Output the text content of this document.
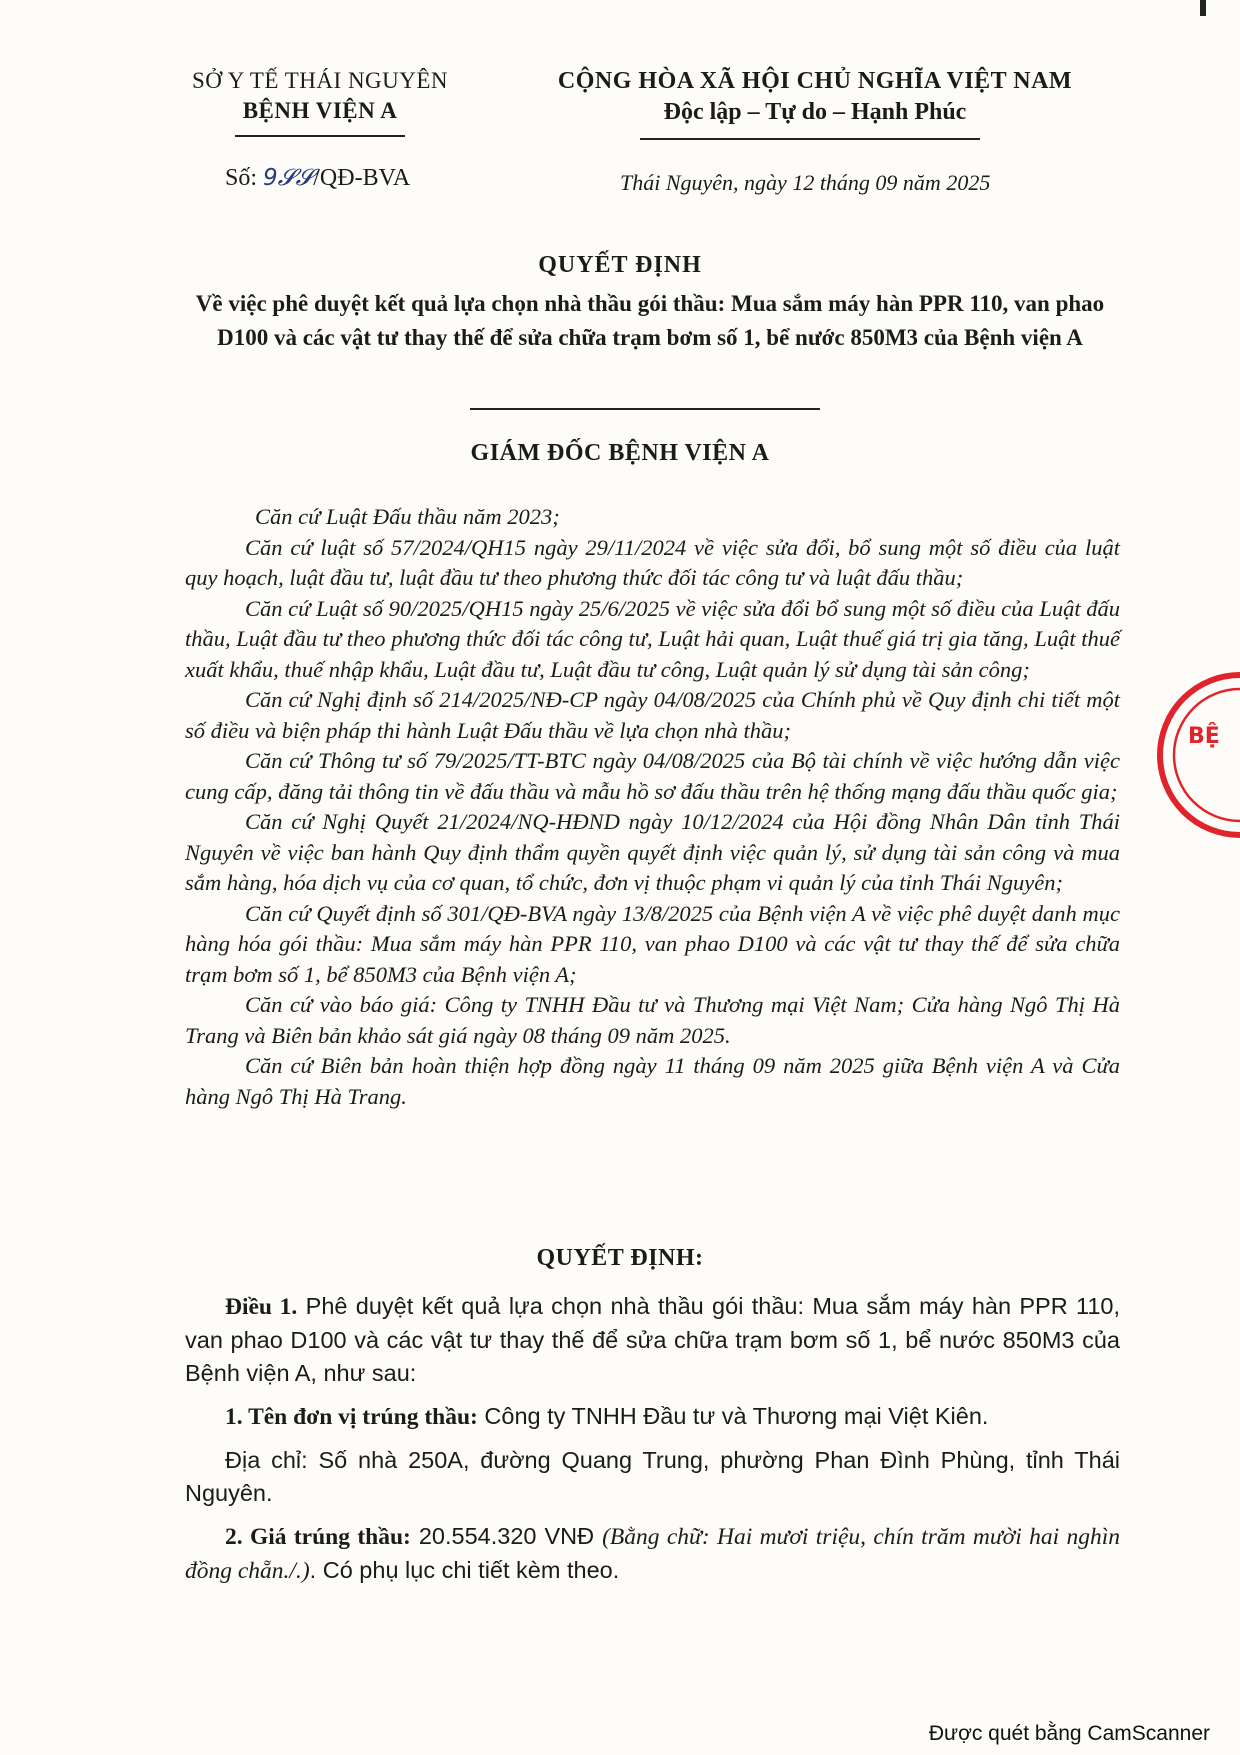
SỞ Y TẾ THÁI NGUYÊN
BỆNH VIỆN A
CỘNG HÒA XÃ HỘI CHỦ NGHĨA VIỆT NAM
Độc lập – Tự do – Hạnh Phúc
Số: 9𝓢𝓢/QĐ-BVA	Thái Nguyên, ngày 12 tháng 09 năm 2025
QUYẾT ĐỊNH
Về việc phê duyệt kết quả lựa chọn nhà thầu gói thầu: Mua sắm máy hàn PPR 110, van phao D100 và các vật tư thay thế để sửa chữa trạm bơm số 1, bể nước 850M3 của Bệnh viện A
GIÁM ĐỐC BỆNH VIỆN A

Căn cứ Luật Đấu thầu năm 2023;

Căn cứ luật số 57/2024/QH15 ngày 29/11/2024 về việc sửa đổi, bổ sung một số điều của luật quy hoạch, luật đầu tư, luật đầu tư theo phương thức đối tác công tư và luật đấu thầu;

Căn cứ Luật số 90/2025/QH15 ngày 25/6/2025 về việc sửa đổi bổ sung một số điều của Luật đấu thầu, Luật đầu tư theo phương thức đối tác công tư, Luật hải quan, Luật thuế giá trị gia tăng, Luật thuế xuất khẩu, thuế nhập khẩu, Luật đầu tư, Luật đầu tư công, Luật quản lý sử dụng tài sản công;

Căn cứ Nghị định số 214/2025/NĐ-CP ngày 04/08/2025 của Chính phủ về Quy định chi tiết một số điều và biện pháp thi hành Luật Đấu thầu về lựa chọn nhà thầu;

Căn cứ Thông tư số 79/2025/TT-BTC ngày 04/08/2025 của Bộ tài chính về việc hướng dẫn việc cung cấp, đăng tải thông tin về đấu thầu và mẫu hồ sơ đấu thầu trên hệ thống mạng đấu thầu quốc gia;

Căn cứ Nghị Quyết 21/2024/NQ-HĐND ngày 10/12/2024 của Hội đồng Nhân Dân tỉnh Thái Nguyên về việc ban hành Quy định thẩm quyền quyết định việc quản lý, sử dụng tài sản công và mua sắm hàng, hóa dịch vụ của cơ quan, tổ chức, đơn vị thuộc phạm vi quản lý của tỉnh Thái Nguyên;

Căn cứ Quyết định số 301/QĐ-BVA ngày 13/8/2025 của Bệnh viện A về việc phê duyệt danh mục hàng hóa gói thầu: Mua sắm máy hàn PPR 110, van phao D100 và các vật tư thay thế để sửa chữa trạm bơm số 1, bể 850M3 của Bệnh viện A;

Căn cứ vào báo giá: Công ty TNHH Đầu tư và Thương mại Việt Nam; Cửa hàng Ngô Thị Hà Trang và Biên bản khảo sát giá ngày 08 tháng 09 năm 2025.

Căn cứ Biên bản hoàn thiện hợp đồng ngày 11 tháng 09 năm 2025 giữa Bệnh viện A và Cửa hàng Ngô Thị Hà Trang.

QUYẾT ĐỊNH:

Điều 1. Phê duyệt kết quả lựa chọn nhà thầu gói thầu: Mua sắm máy hàn PPR 110, van phao D100 và các vật tư thay thế để sửa chữa trạm bơm số 1, bể nước 850M3 của Bệnh viện A, như sau:

1. Tên đơn vị trúng thầu: Công ty TNHH Đầu tư và Thương mại Việt Kiên.

Địa chỉ: Số nhà 250A, đường Quang Trung, phường Phan Đình Phùng, tỉnh Thái Nguyên.

2. Giá trúng thầu: 20.554.320 VNĐ (Bằng chữ: Hai mươi triệu, chín trăm mười hai nghìn đồng chẵn./.). Có phụ lục chi tiết kèm theo.

BỆ
Được quét bằng CamScanner
